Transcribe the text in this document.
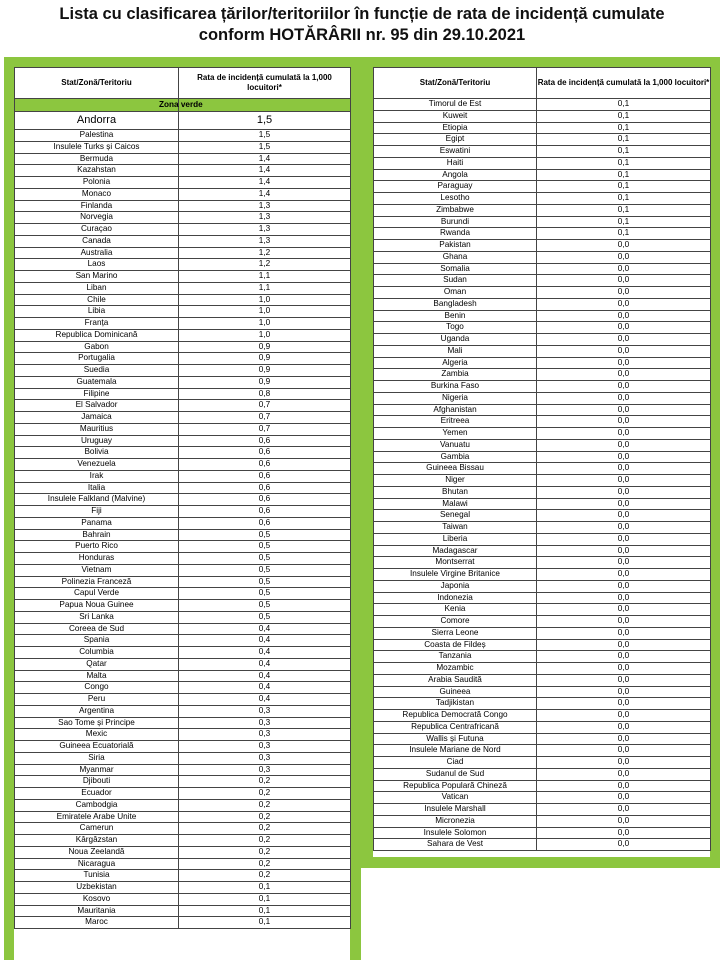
Lista cu clasificarea țărilor/teritoriilor în funcție de rata de incidență cumulate
conform HOTĂRÂRII nr. 95 din 29.10.2021
Stat/Zonă/Teritoriu	Rata de incidență cumulată la 1,000 locuitori*
	Zona verde
Andorra	1,5
Palestina	1,5
Insulele Turks și Caicos	1,5
Bermuda	1,4
Kazahstan	1,4
Polonia	1,4
Monaco	1,4
Finlanda	1,3
Norvegia	1,3
Curaçao	1,3
Canada	1,3
Australia	1,2
Laos	1,2
San Marino	1,1
Liban	1,1
Chile	1,0
Libia	1,0
Franța	1,0
Republica Dominicană	1,0
Gabon	0,9
Portugalia	0,9
Suedia	0,9
Guatemala	0,9
Filipine	0,8
El Salvador	0,7
Jamaica	0,7
Mauritius	0,7
Uruguay	0,6
Bolivia	0,6
Venezuela	0,6
Irak	0,6
Italia	0,6
Insulele Falkland (Malvine)	0,6
Fiji	0,6
Panama	0,6
Bahrain	0,5
Puerto Rico	0,5
Honduras	0,5
Vietnam	0,5
Polinezia Franceză	0,5
Capul Verde	0,5
Papua Noua Guinee	0,5
Sri Lanka	0,5
Coreea de Sud	0,4
Spania	0,4
Columbia	0,4
Qatar	0,4
Malta	0,4
Congo	0,4
Peru	0,4
Argentina	0,3
Sao Tome și Principe	0,3
Mexic	0,3
Guineea Ecuatorială	0,3
Siria	0,3
Myanmar	0,3
Djibouti	0,2
Ecuador	0,2
Cambodgia	0,2
Emiratele Arabe Unite	0,2
Camerun	0,2
Kârgâzstan	0,2
Noua Zeelandă	0,2
Nicaragua	0,2
Tunisia	0,2
Uzbekistan	0,1
Kosovo	0,1
Mauritania	0,1
Maroc	0,1
Stat/Zonă/Teritoriu	Rata de incidență cumulată la 1,000 locuitori*
Timorul de Est	0,1
Kuweit	0,1
Etiopia	0,1
Egipt	0,1
Eswatini	0,1
Haiti	0,1
Angola	0,1
Paraguay	0,1
Lesotho	0,1
Zimbabwe	0,1
Burundi	0,1
Rwanda	0,1
Pakistan	0,0
Ghana	0,0
Somalia	0,0
Sudan	0,0
Oman	0,0
Bangladesh	0,0
Benin	0,0
Togo	0,0
Uganda	0,0
Mali	0,0
Algeria	0,0
Zambia	0,0
Burkina Faso	0,0
Nigeria	0,0
Afghanistan	0,0
Eritreea	0,0
Yemen	0,0
Vanuatu	0,0
Gambia	0,0
Guineea Bissau	0,0
Niger	0,0
Bhutan	0,0
Malawi	0,0
Senegal	0,0
Taiwan	0,0
Liberia	0,0
Madagascar	0,0
Montserrat	0,0
Insulele Virgine Britanice	0,0
Japonia	0,0
Indonezia	0,0
Kenia	0,0
Comore	0,0
Sierra Leone	0,0
Coasta de Fildeș	0,0
Tanzania	0,0
Mozambic	0,0
Arabia Saudită	0,0
Guineea	0,0
Tadjikistan	0,0
Republica Democrată Congo	0,0
Republica Centrafricană	0,0
Wallis și Futuna	0,0
Insulele Mariane de Nord	0,0
Ciad	0,0
Sudanul de Sud	0,0
Republica Populară Chineză	0,0
Vatican	0,0
Insulele Marshall	0,0
Micronezia	0,0
Insulele Solomon	0,0
Sahara de Vest	0,0
